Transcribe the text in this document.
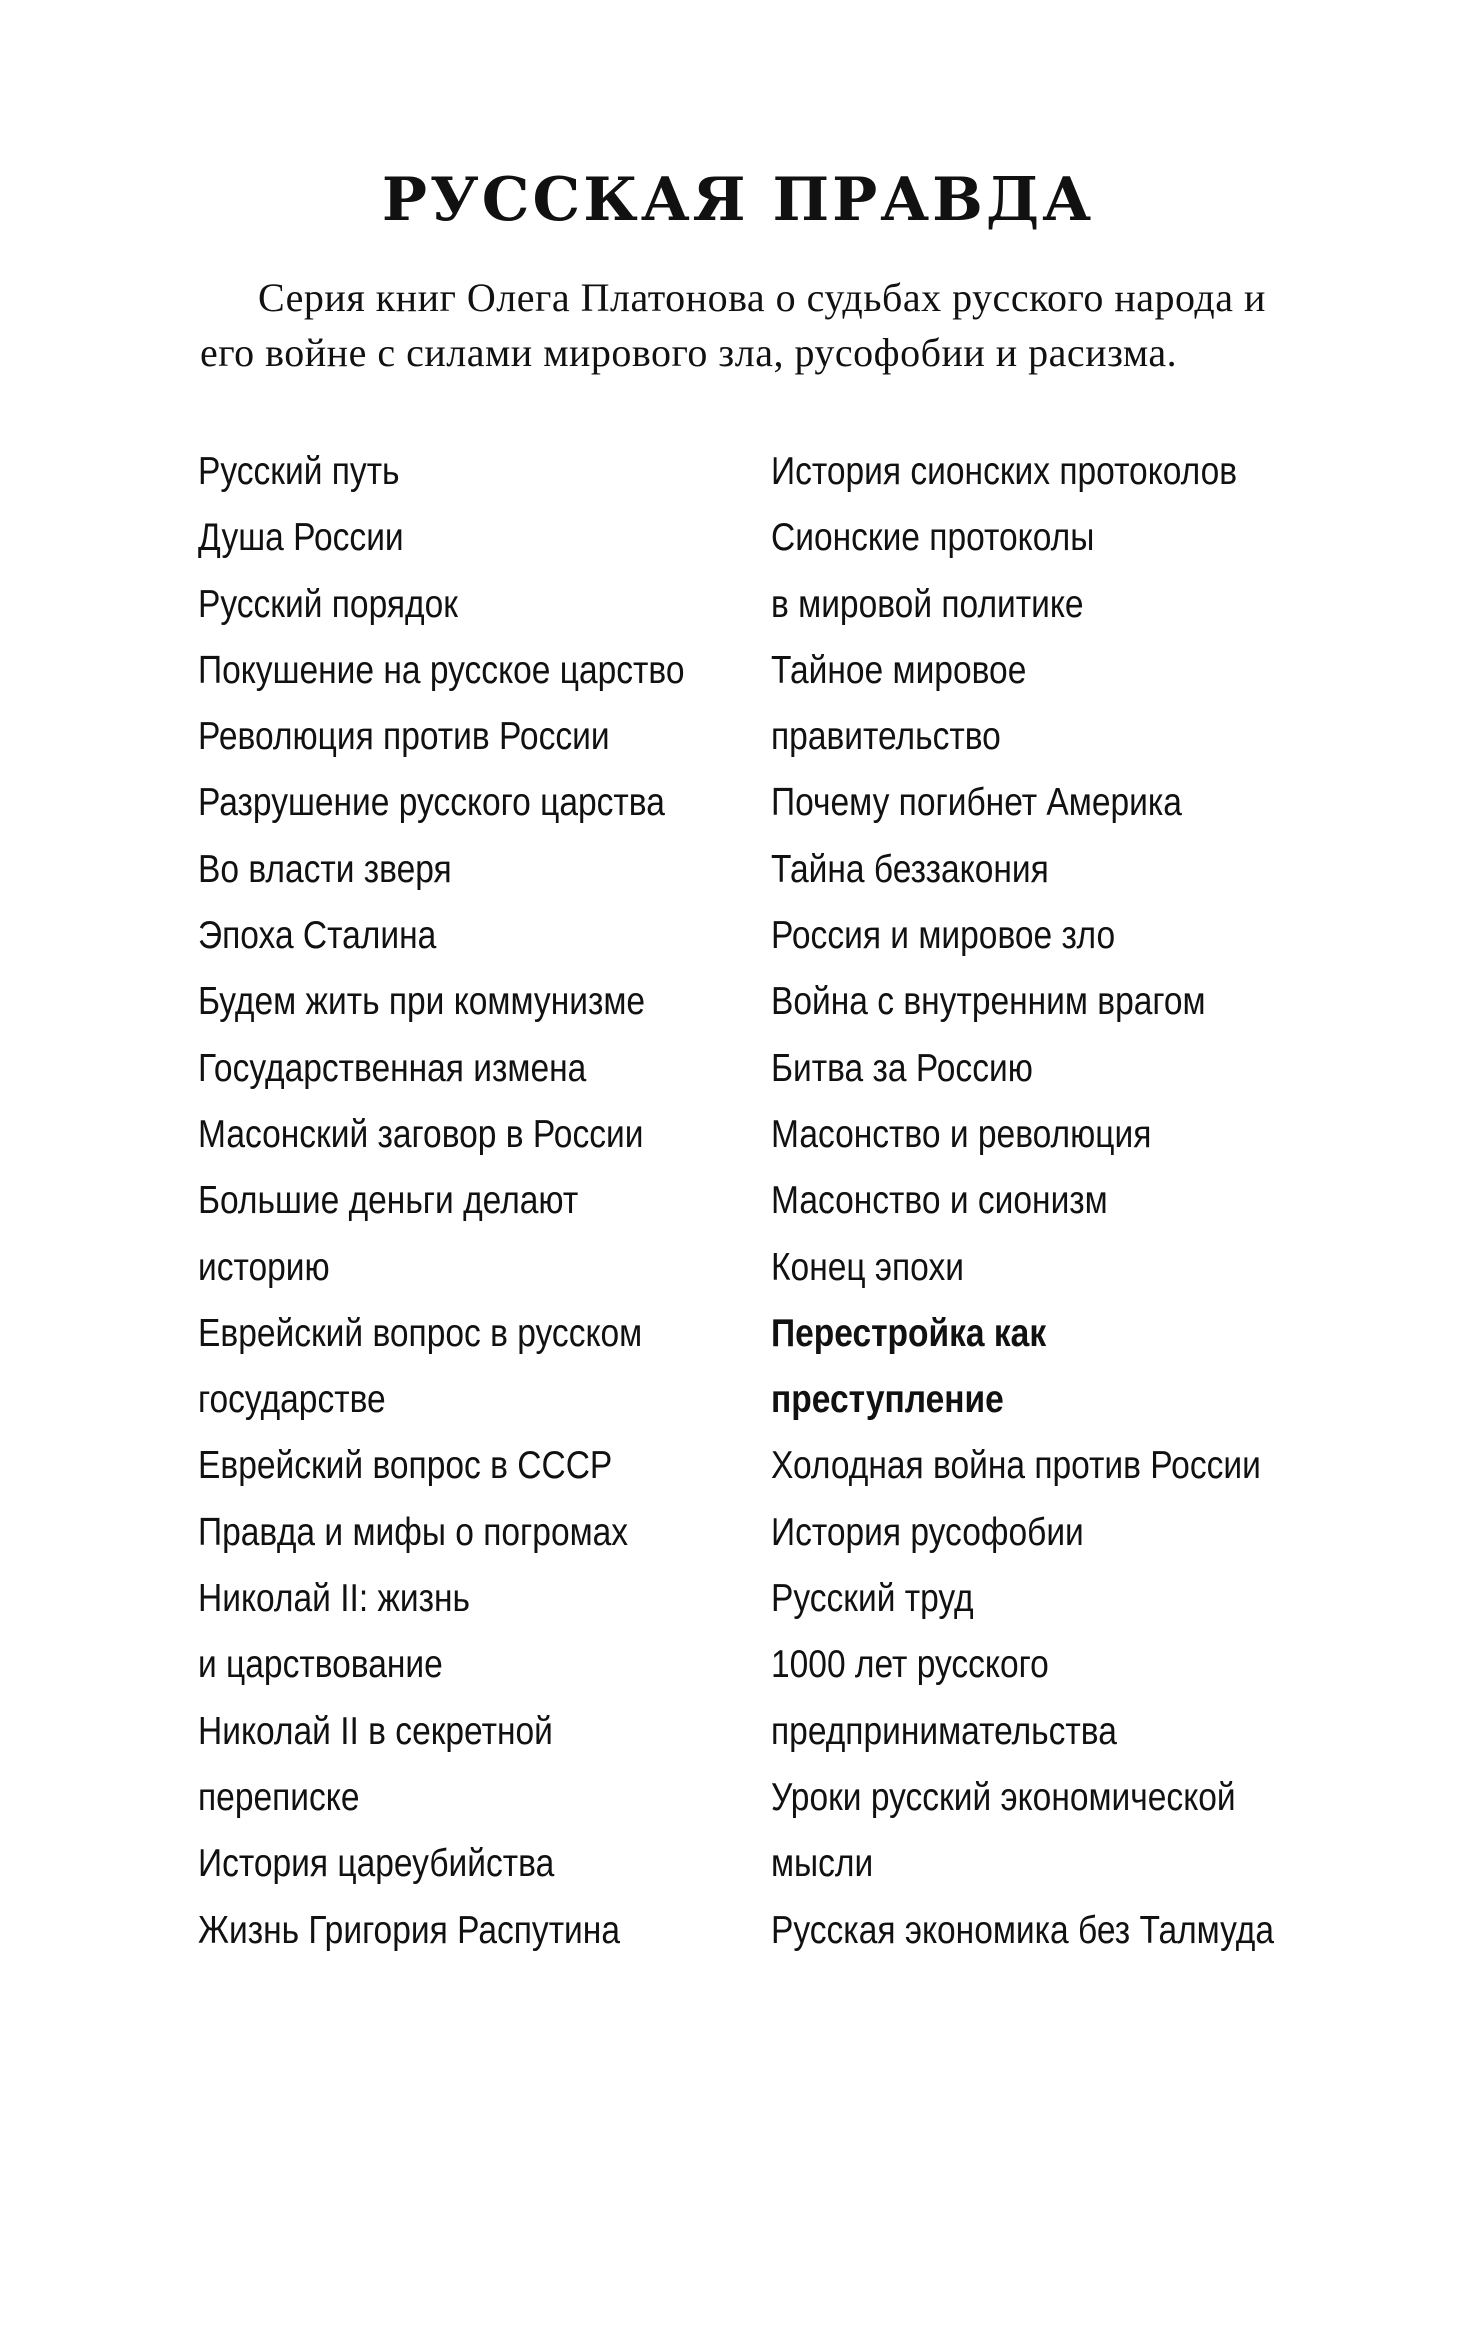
РУССКАЯ ПРАВДА

Серия книг Олега Платонова о судьбах русского народа и его войне с силами мирового зла, русофобии и расизма.

Русский путь
Душа России
Русский порядок
Покушение на русское царство
Революция против России
Разрушение русского царства
Во власти зверя
Эпоха Сталина
Будем жить при коммунизме
Государственная измена
Масонский заговор в России
Большие деньги делают
историю
Еврейский вопрос в русском
государстве
Еврейский вопрос в СССР
Правда и мифы о погромах
Николай II: жизнь
и царствование
Николай II в секретной
переписке
История цареубийства
Жизнь Григория Распутина
История сионских протоколов
Сионские протоколы
в мировой политике
Тайное мировое
правительство
Почему погибнет Америка
Тайна беззакония
Россия и мировое зло
Война с внутренним врагом
Битва за Россию
Масонство и революция
Масонство и сионизм
Конец эпохи
Перестройка как
преступление
Холодная война против России
История русофобии
Русский труд
1000 лет русского
предпринимательства
Уроки русский экономической
мысли
Русская экономика без Талмуда
